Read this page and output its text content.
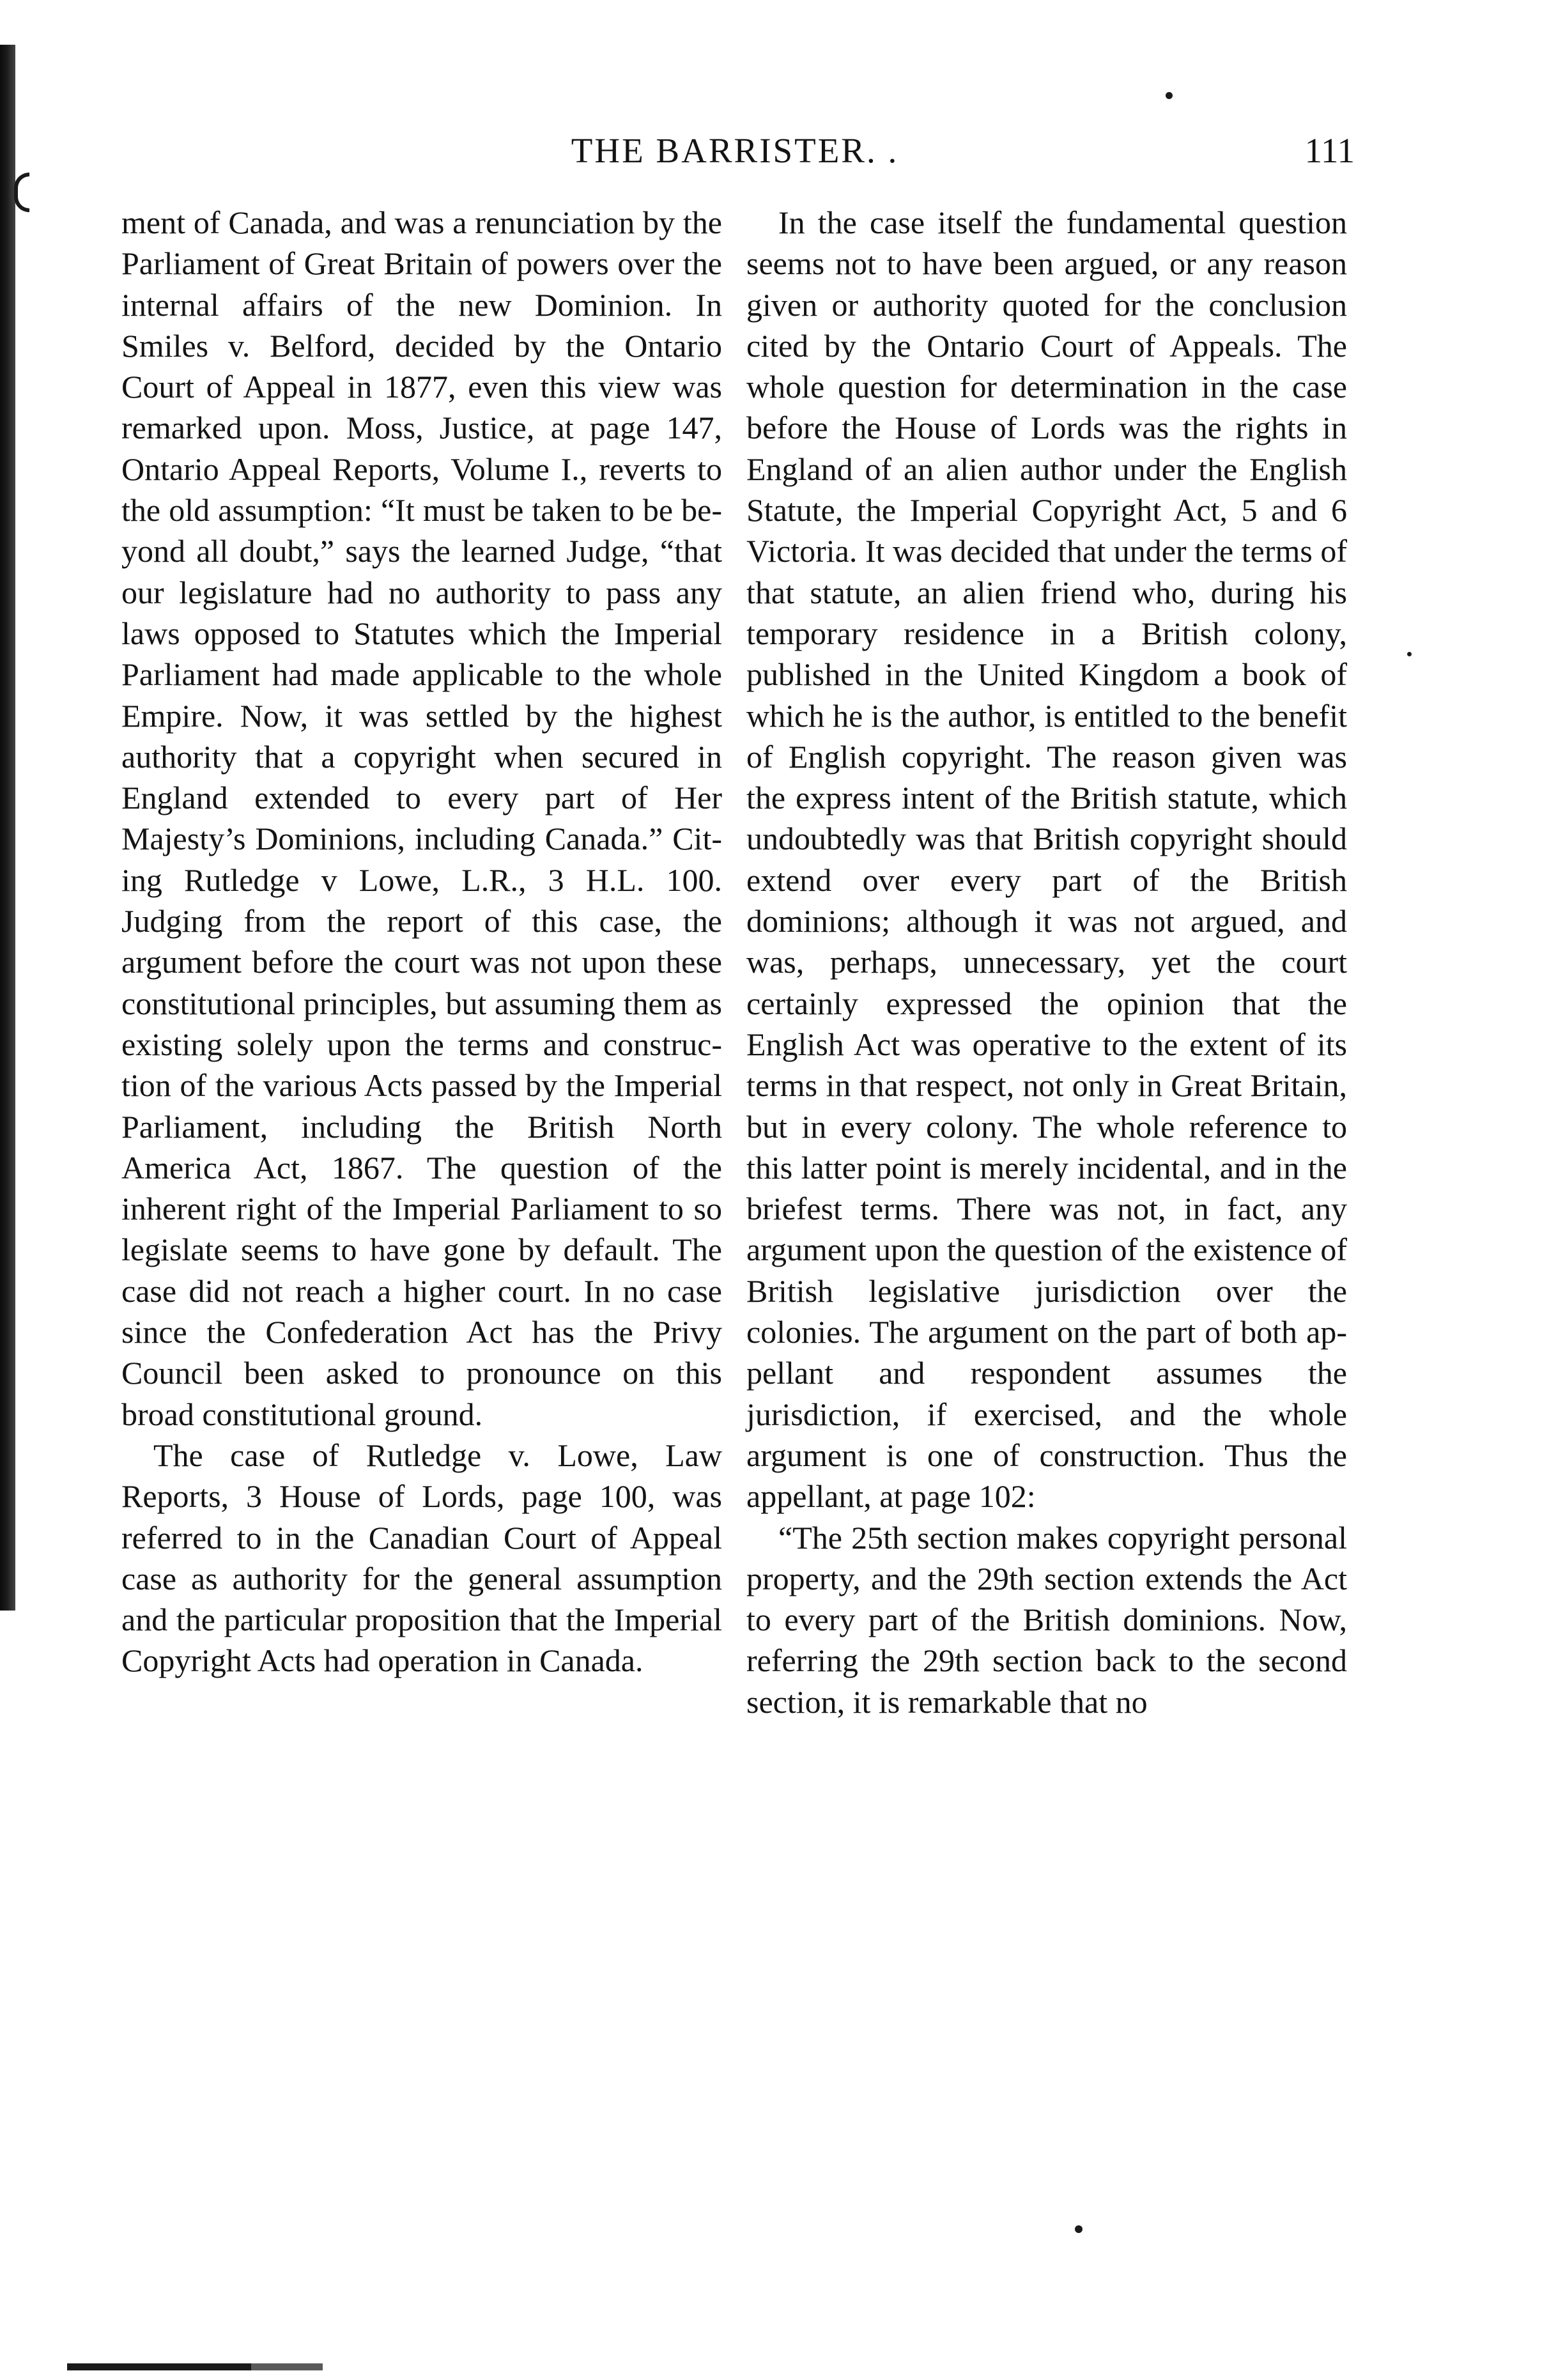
THE BARRISTER. .	111

ment of Canada, and was a renunciation by the Parliament of Great Britain of powers over the internal affairs of the new Dominion. In Smiles v. Belford, decided by the Ontario Court of Appeal in 1877, even this view was remarked upon. Moss, Justice, at page 147, Ontario Appeal Reports, Volume I., reverts to the old assumption: “It must be taken to be beyond all doubt,” says the learned Judge, “that our legislature had no authority to pass any laws opposed to Statutes which the Imperial Parliament had made applicable to the whole Empire. Now, it was settled by the highest authority that a copyright when secured in England extended to every part of Her Majesty’s Dominions, including Canada.” Citing Rutledge v Lowe, L.R., 3 H.L. 100. Judging from the report of this case, the argument before the court was not upon these constitutional principles, but assuming them as existing solely upon the terms and construction of the various Acts passed by the Imperial Parliament, including the British North America Act, 1867. The question of the inherent right of the Imperial Parliament to so legislate seems to have gone by default. The case did not reach a higher court. In no case since the Confederation Act has the Privy Council been asked to pronounce on this broad constitutional ground.

The case of Rutledge v. Lowe, Law Reports, 3 House of Lords, page 100, was referred to in the Canadian Court of Appeal case as authority for the general assumption and the particular proposition that the Imperial Copyright Acts had operation in Canada.

In the case itself the fundamental question seems not to have been argued, or any reason given or authority quoted for the conclusion cited by the Ontario Court of Appeals. The whole question for determination in the case before the House of Lords was the rights in England of an alien author under the English Statute, the Imperial Copyright Act, 5 and 6 Victoria. It was decided that under the terms of that statute, an alien friend who, during his temporary residence in a British colony, published in the United Kingdom a book of which he is the author, is entitled to the benefit of English copyright. The reason given was the express intent of the British statute, which undoubtedly was that British copyright should extend over every part of the British dominions; although it was not argued, and was, perhaps, unnecessary, yet the court certainly expressed the opinion that the English Act was operative to the extent of its terms in that respect, not only in Great Britain, but in every colony. The whole reference to this latter point is merely incidental, and in the briefest terms. There was not, in fact, any argument upon the question of the existence of British legislative jurisdiction over the colonies. The argument on the part of both appellant and respondent assumes the jurisdiction, if exercised, and the whole argument is one of construction. Thus the appellant, at page 102:

“The 25th section makes copyright personal property, and the 29th section extends the Act to every part of the British dominions. Now, referring the 29th section back to the second section, it is remarkable that no
